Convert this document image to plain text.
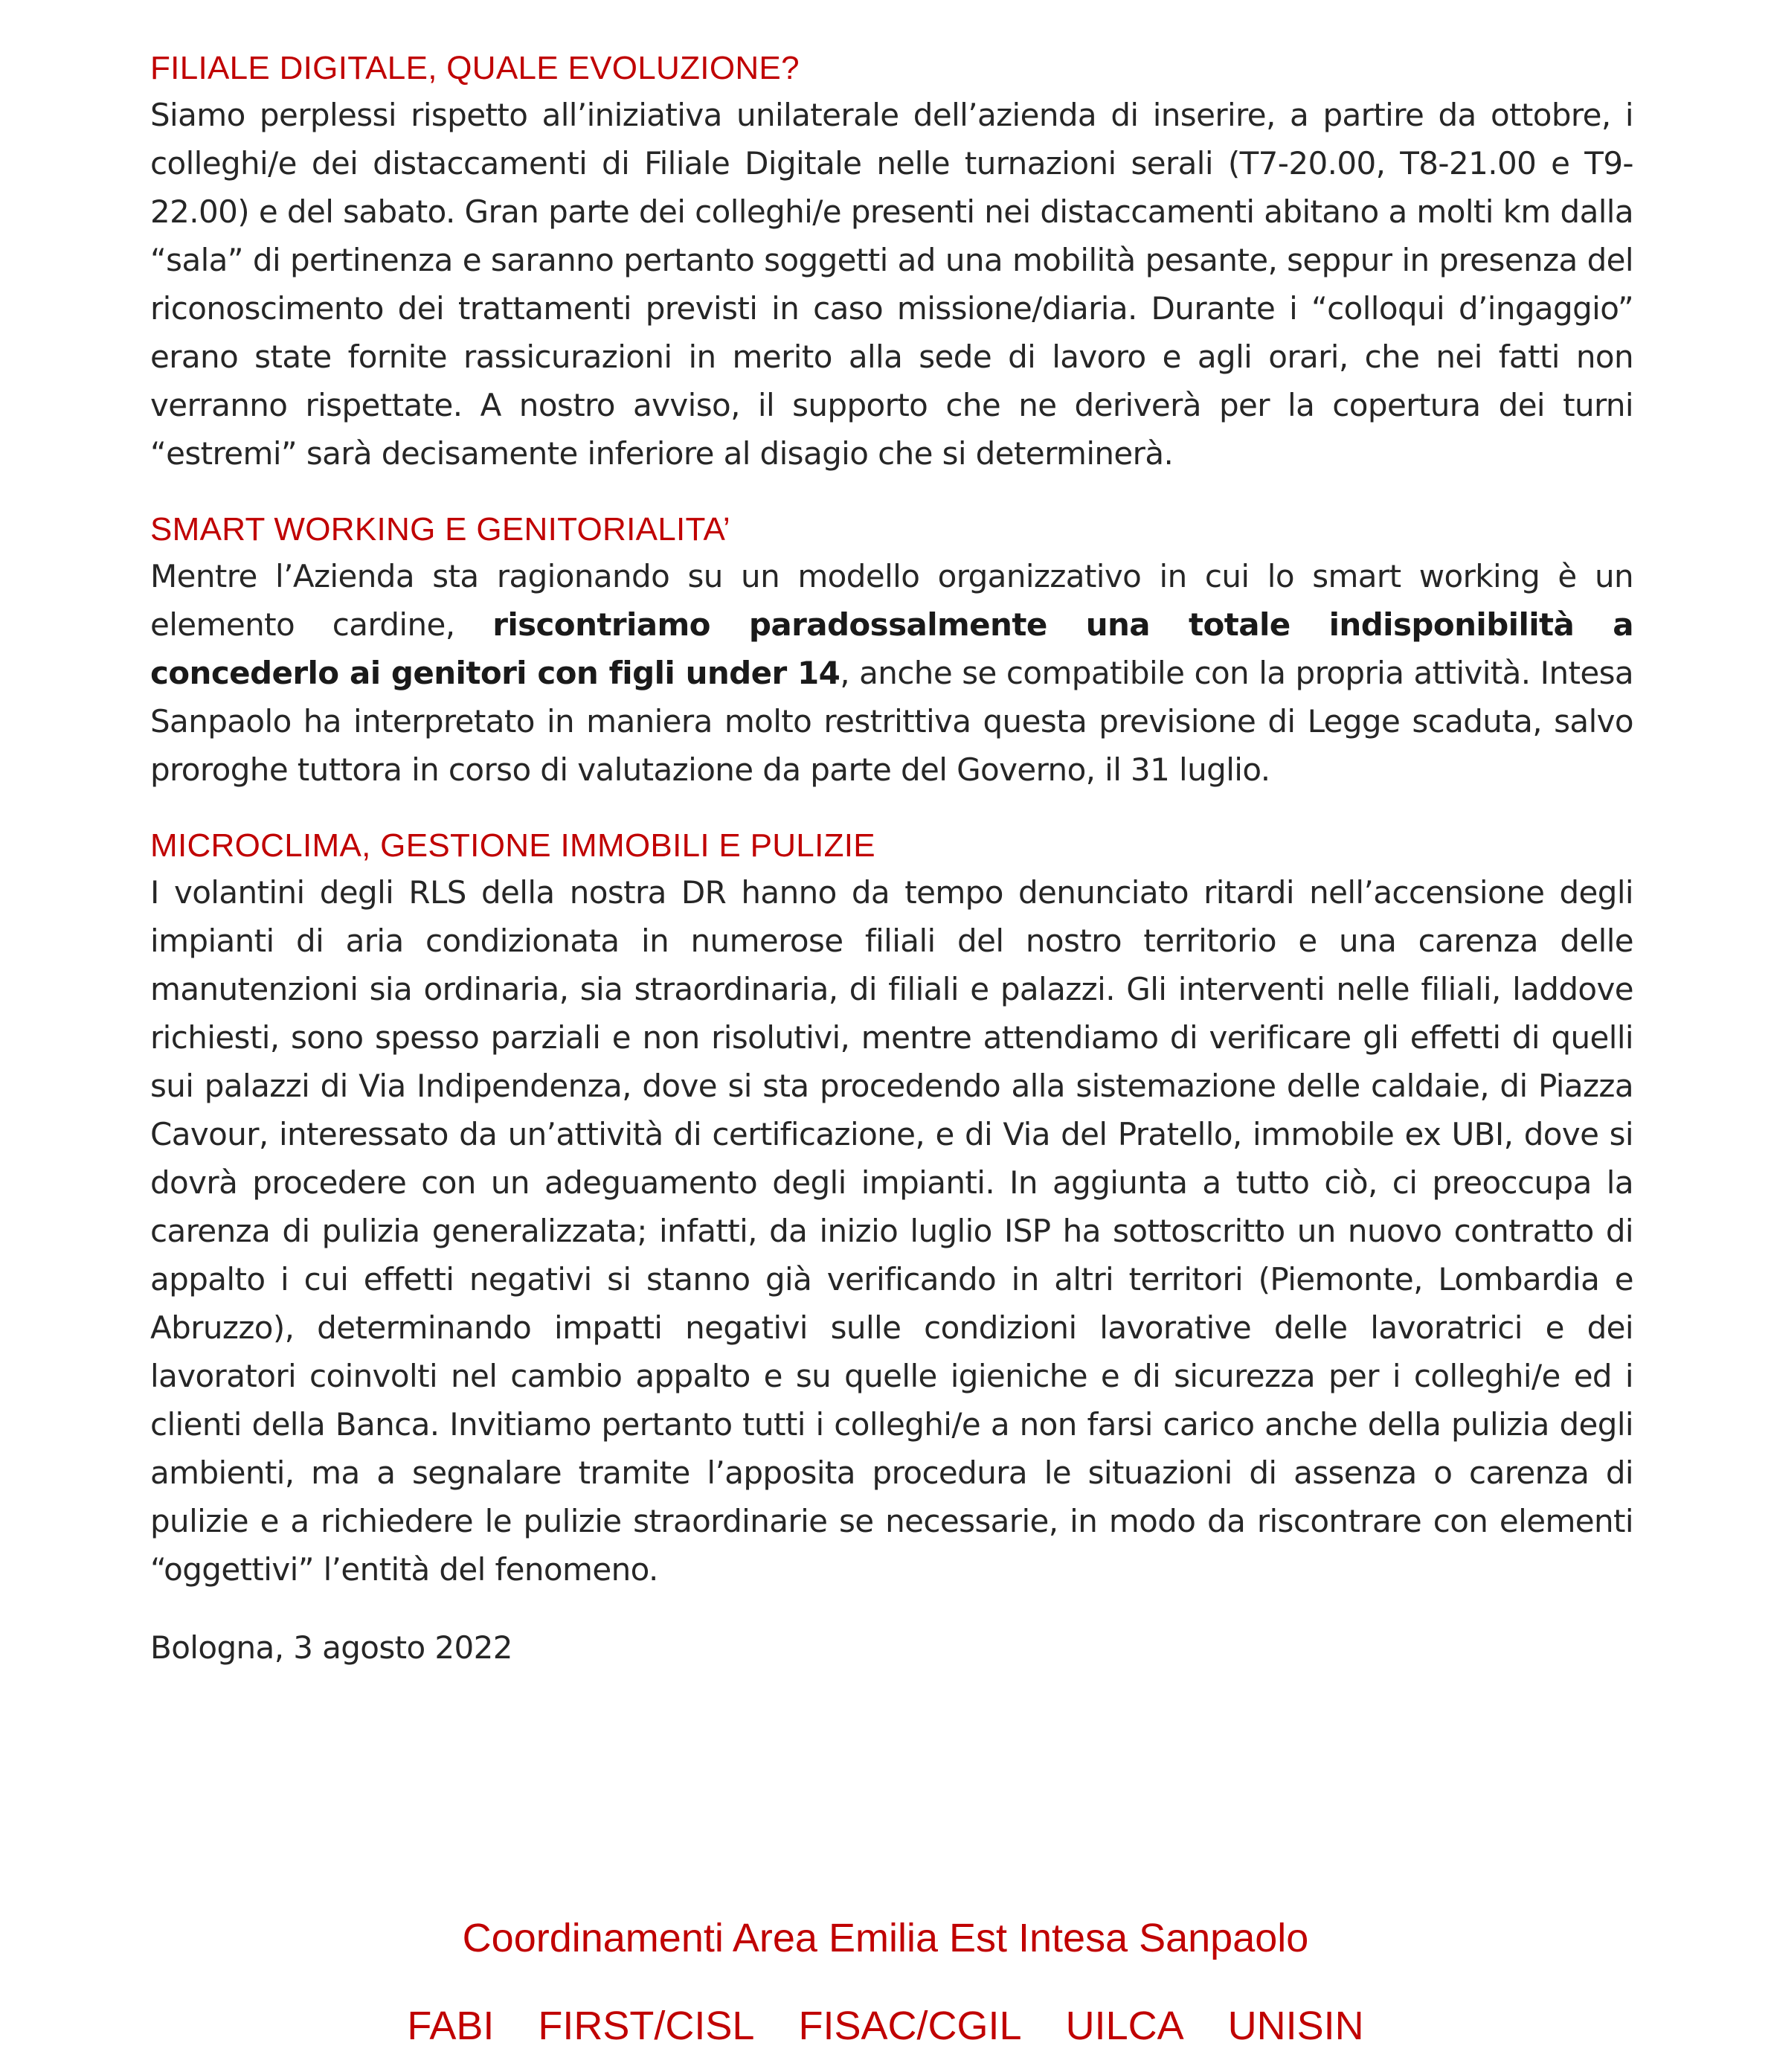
FILIALE DIGITALE, QUALE EVOLUZIONE?

Siamo perplessi rispetto all’iniziativa unilaterale dell’azienda di inserire, a partire da ottobre, i colleghi/e dei distaccamenti di Filiale Digitale nelle turnazioni serali (T7-20.00, T8-21.00 e T9-22.00) e del sabato. Gran parte dei colleghi/e presenti nei distaccamenti abitano a molti km dalla “sala” di pertinenza e saranno pertanto soggetti ad una mobilità pesante, seppur in presenza del riconoscimento dei trattamenti previsti in caso missione/diaria. Durante i “colloqui d’ingaggio” erano state fornite rassicurazioni in merito alla sede di lavoro e agli orari, che nei fatti non verranno rispettate. A nostro avviso, il supporto che ne deriverà per la copertura dei turni “estremi” sarà decisamente inferiore al disagio che si determinerà.

SMART WORKING E GENITORIALITA’

Mentre l’Azienda sta ragionando su un modello organizzativo in cui lo smart working è un elemento cardine, riscontriamo paradossalmente una totale indisponibilità a concederlo ai genitori con figli under 14, anche se compatibile con la propria attività. Intesa Sanpaolo ha interpretato in maniera molto restrittiva questa previsione di Legge scaduta, salvo proroghe tuttora in corso di valutazione da parte del Governo, il 31 luglio.

MICROCLIMA, GESTIONE IMMOBILI E PULIZIE

I volantini degli RLS della nostra DR hanno da tempo denunciato ritardi nell’accensione degli impianti di aria condizionata in numerose filiali del nostro territorio e una carenza delle manutenzioni sia ordinaria, sia straordinaria, di filiali e palazzi. Gli interventi nelle filiali, laddove richiesti, sono spesso parziali e non risolutivi, mentre attendiamo di verificare gli effetti di quelli sui palazzi di Via Indipendenza, dove si sta procedendo alla sistemazione delle caldaie, di Piazza Cavour, interessato da un’attività di certificazione, e di Via del Pratello, immobile ex UBI, dove si dovrà procedere con un adeguamento degli impianti. In aggiunta a tutto ciò, ci preoccupa la carenza di pulizia generalizzata; infatti, da inizio luglio ISP ha sottoscritto un nuovo contratto di appalto i cui effetti negativi si stanno già verificando in altri territori (Piemonte, Lombardia e Abruzzo), determinando impatti negativi sulle condizioni lavorative delle lavoratrici e dei lavoratori coinvolti nel cambio appalto e su quelle igieniche e di sicurezza per i colleghi/e ed i clienti della Banca. Invitiamo pertanto tutti i colleghi/e a non farsi carico anche della pulizia degli ambienti, ma a segnalare tramite l’apposita procedura le situazioni di assenza o carenza di pulizie e a richiedere le pulizie straordinarie se necessarie, in modo da riscontrare con elementi “oggettivi” l’entità del fenomeno.

Bologna, 3 agosto 2022

Coordinamenti Area Emilia Est Intesa Sanpaolo
FABI FIRST/CISL FISAC/CGIL UILCA UNISIN
